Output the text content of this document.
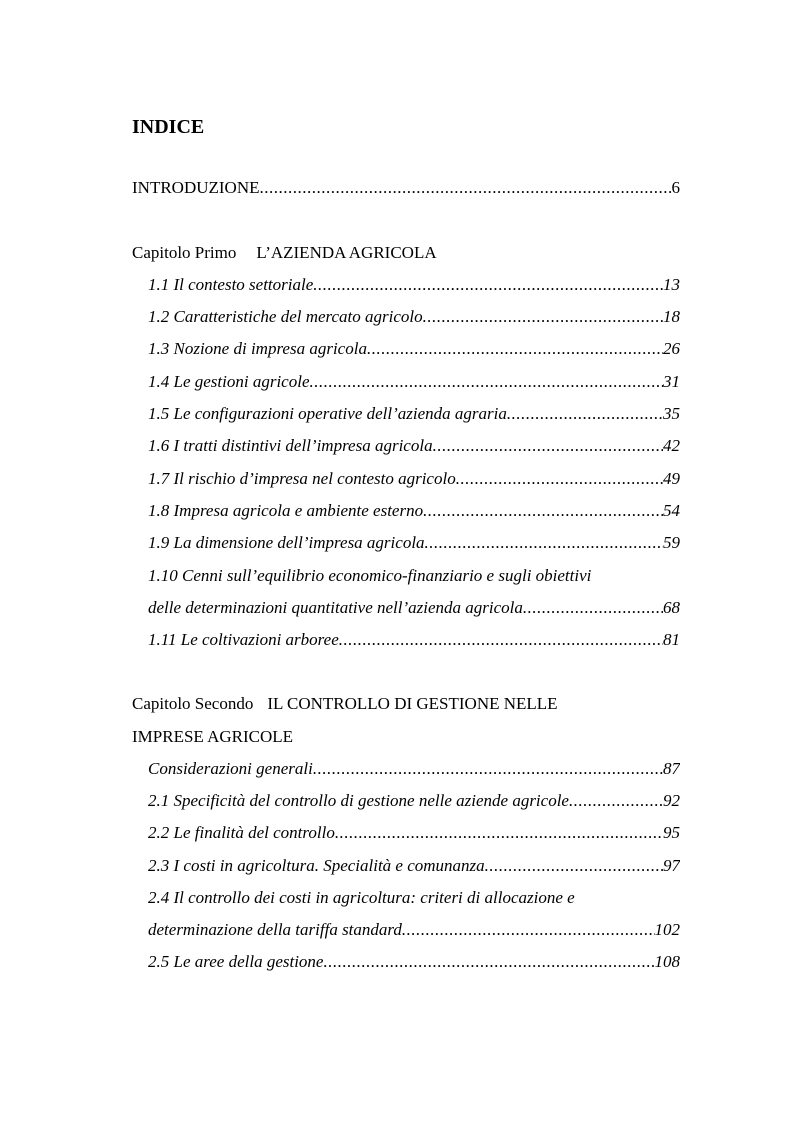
INDICE
INTRODUZIONE .....	6
Capitolo Primo L’AZIENDA AGRICOLA
1.1 Il contesto settoriale .....	13
1.2 Caratteristiche del mercato agricolo .....	18
1.3 Nozione di impresa agricola .....	26
1.4 Le gestioni agricole .....	31
1.5 Le configurazioni operative dell’azienda agraria .....	35
1.6 I tratti distintivi dell’impresa agricola .....	42
1.7 Il rischio d’impresa nel contesto agricolo .....	49
1.8 Impresa agricola e ambiente esterno .....	54
1.9 La dimensione dell’impresa agricola .....	59
1.10 Cenni sull’equilibrio economico-finanziario e sugli obiettivi
delle determinazioni quantitative nell’azienda agricola .....	68
1.11 Le coltivazioni arboree .....	81
Capitolo Secondo IL CONTROLLO DI GESTIONE NELLE
IMPRESE AGRICOLE
Considerazioni generali .....	87
2.1 Specificità del controllo di gestione nelle aziende agricole .....	92
2.2 Le finalità del controllo .....	95
2.3 I costi in agricoltura. Specialità e comunanza .....	97
2.4 Il controllo dei costi in agricoltura: criteri di allocazione e
determinazione della tariffa standard .....	102
2.5 Le aree della gestione .....	108
